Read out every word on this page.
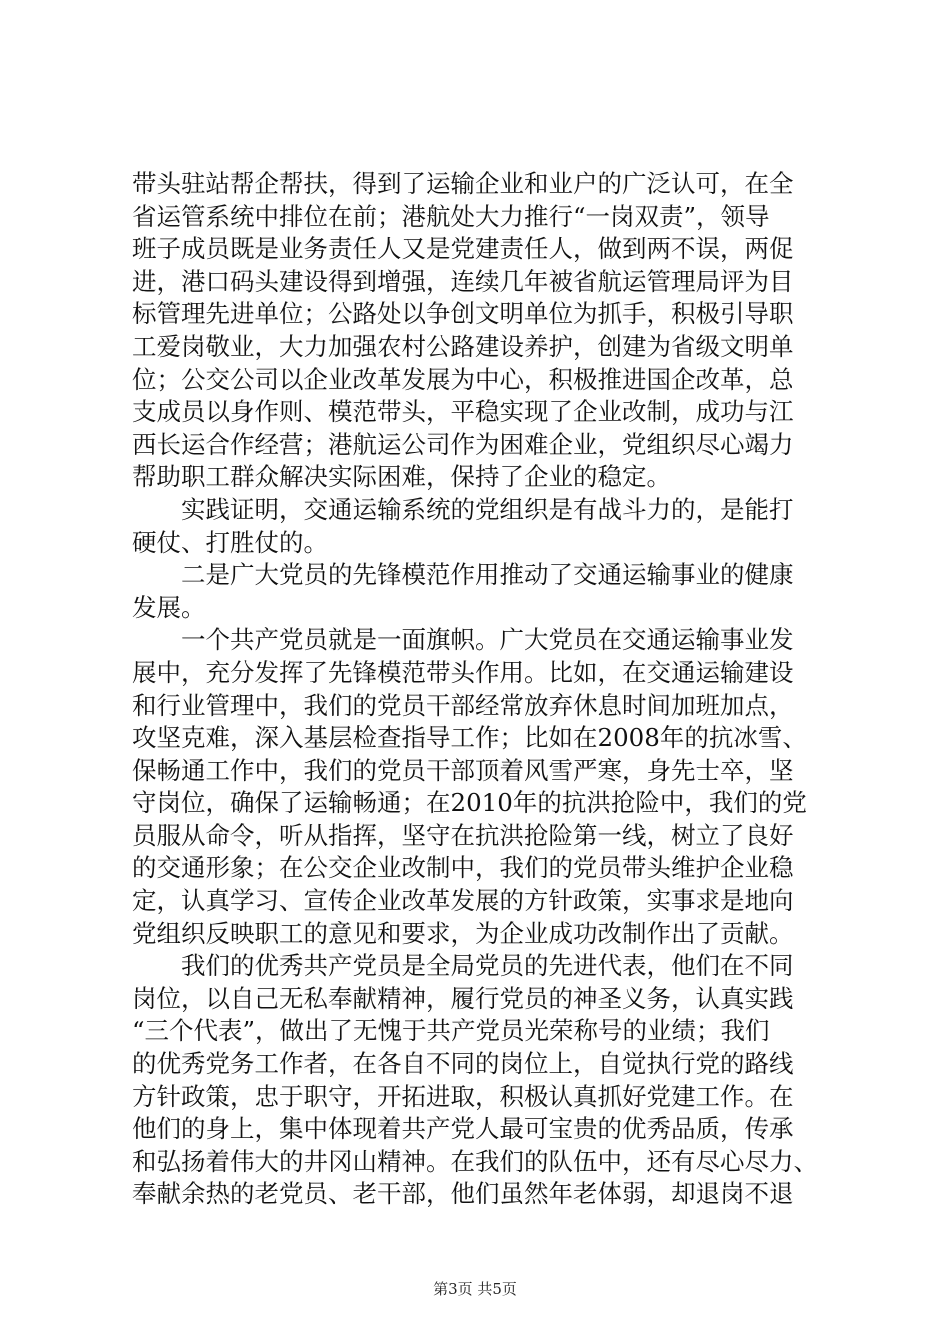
带头驻站帮企帮扶，得到了运输企业和业户的广泛认可，在全
省运管系统中排位在前；港航处大力推行“一岗双责”，领导
班子成员既是业务责任人又是党建责任人，做到两不误，两促
进，港口码头建设得到增强，连续几年被省航运管理局评为目
标管理先进单位；公路处以争创文明单位为抓手，积极引导职
工爱岗敬业，大力加强农村公路建设养护，创建为省级文明单
位；公交公司以企业改革发展为中心，积极推进国企改革，总
支成员以身作则、模范带头，平稳实现了企业改制，成功与江
西长运合作经营；港航运公司作为困难企业，党组织尽心竭力
帮助职工群众解决实际困难，保持了企业的稳定。
　　实践证明，交通运输系统的党组织是有战斗力的，是能打
硬仗、打胜仗的。
　　二是广大党员的先锋模范作用推动了交通运输事业的健康
发展。
　　一个共产党员就是一面旗帜。广大党员在交通运输事业发
展中，充分发挥了先锋模范带头作用。比如，在交通运输建设
和行业管理中，我们的党员干部经常放弃休息时间加班加点，
攻坚克难，深入基层检查指导工作；比如在2008年的抗冰雪、
保畅通工作中，我们的党员干部顶着风雪严寒，身先士卒，坚
守岗位，确保了运输畅通；在2010年的抗洪抢险中，我们的党
员服从命令，听从指挥，坚守在抗洪抢险第一线，树立了良好
的交通形象；在公交企业改制中，我们的党员带头维护企业稳
定，认真学习、宣传企业改革发展的方针政策，实事求是地向
党组织反映职工的意见和要求，为企业成功改制作出了贡献。
　　我们的优秀共产党员是全局党员的先进代表，他们在不同
岗位，以自己无私奉献精神，履行党员的神圣义务，认真实践
“三个代表”，做出了无愧于共产党员光荣称号的业绩；我们
的优秀党务工作者，在各自不同的岗位上，自觉执行党的路线
方针政策，忠于职守，开拓进取，积极认真抓好党建工作。在
他们的身上，集中体现着共产党人最可宝贵的优秀品质，传承
和弘扬着伟大的井冈山精神。在我们的队伍中，还有尽心尽力、
奉献余热的老党员、老干部，他们虽然年老体弱，却退岗不退
第3页 共5页
